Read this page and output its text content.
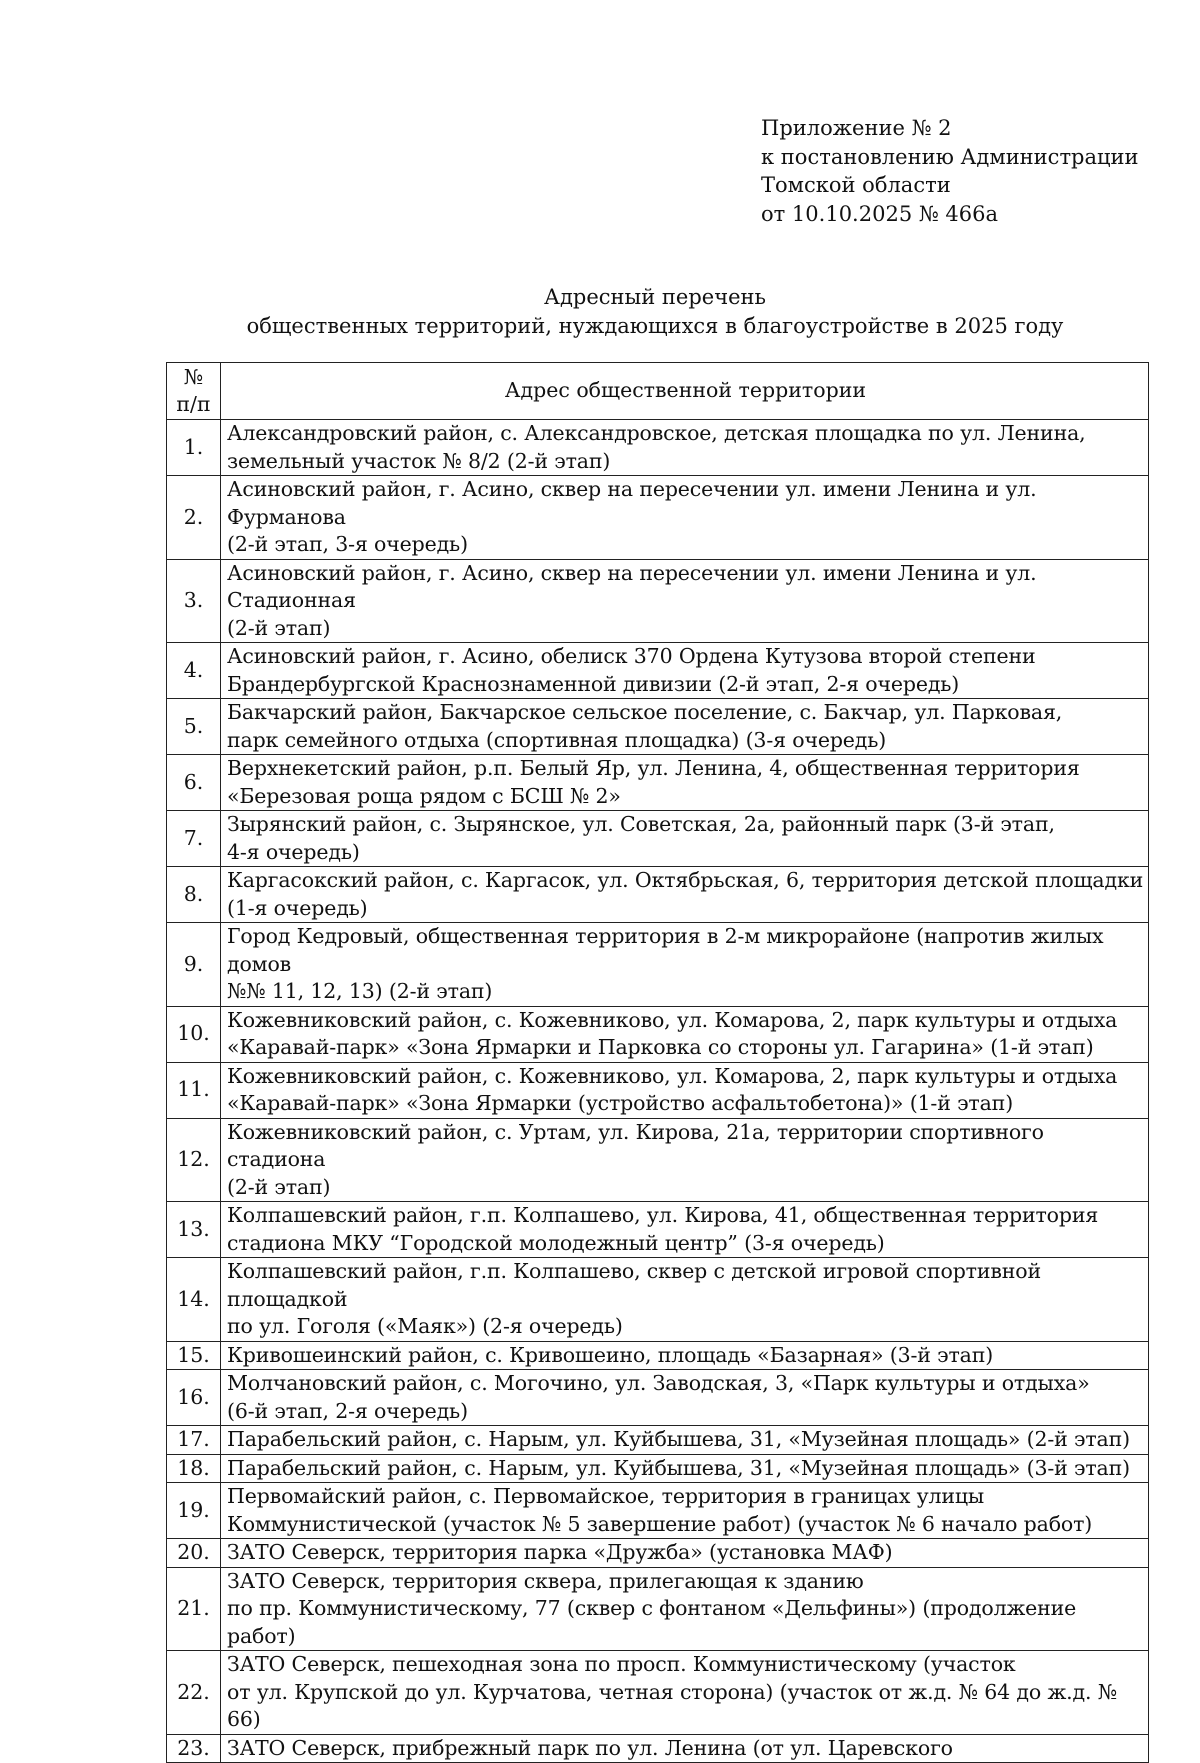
Приложение № 2
к постановлению Администрации
Томской области
от 10.10.2025 № 466а
Адресный перечень
общественных территорий, нуждающихся в благоустройстве в 2025 году
№
п/п	Адрес общественной территории
1.	Александровский район, с. Александровское, детская площадка по ул. Ленина,
земельный участок № 8/2 (2-й этап)
2.	Асиновский район, г. Асино, сквер на пересечении ул. имени Ленина и ул. Фурманова
(2-й этап, 3-я очередь)
3.	Асиновский район, г. Асино, сквер на пересечении ул. имени Ленина и ул. Стадионная
(2-й этап)
4.	Асиновский район, г. Асино, обелиск 370 Ордена Кутузова второй степени
Брандербургской Краснознаменной дивизии (2-й этап, 2-я очередь)
5.	Бакчарский район, Бакчарское сельское поселение, с. Бакчар, ул. Парковая,
парк семейного отдыха (спортивная площадка) (3-я очередь)
6.	Верхнекетский район, р.п. Белый Яр, ул. Ленина, 4, общественная территория
«Березовая роща рядом с БСШ № 2»
7.	Зырянский район, с. Зырянское, ул. Советская, 2а, районный парк (3-й этап,
4-я очередь)
8.	Каргасокский район, с. Каргасок, ул. Октябрьская, 6, территория детской площадки
(1-я очередь)
9.	Город Кедровый, общественная территория в 2-м микрорайоне (напротив жилых домов
№№ 11, 12, 13) (2-й этап)
10.	Кожевниковский район, с. Кожевниково, ул. Комарова, 2, парк культуры и отдыха
«Каравай-парк» «Зона Ярмарки и Парковка со стороны ул. Гагарина» (1-й этап)
11.	Кожевниковский район, с. Кожевниково, ул. Комарова, 2, парк культуры и отдыха
«Каравай-парк» «Зона Ярмарки (устройство асфальтобетона)» (1-й этап)
12.	Кожевниковский район, с. Уртам, ул. Кирова, 21а, территории спортивного стадиона
(2-й этап)
13.	Колпашевский район, г.п. Колпашево, ул. Кирова, 41, общественная территория
стадиона МКУ “Городской молодежный центр” (3-я очередь)
14.	Колпашевский район, г.п. Колпашево, сквер с детской игровой спортивной площадкой
по ул. Гоголя («Маяк») (2-я очередь)
15.	Кривошеинский район, с. Кривошеино, площадь «Базарная» (3-й этап)
16.	Молчановский район, с. Могочино, ул. Заводская, 3, «Парк культуры и отдыха»
(6-й этап, 2-я очередь)
17.	Парабельский район, с. Нарым, ул. Куйбышева, 31, «Музейная площадь» (2-й этап)
18.	Парабельский район, с. Нарым, ул. Куйбышева, 31, «Музейная площадь» (3-й этап)
19.	Первомайский район, с. Первомайское, территория в границах улицы
Коммунистической (участок № 5 завершение работ) (участок № 6 начало работ)
20.	ЗАТО Северск, территория парка «Дружба» (установка МАФ)
21.	ЗАТО Северск, территория сквера, прилегающая к зданию
по пр. Коммунистическому, 77 (сквер с фонтаном «Дельфины») (продолжение работ)
22.	ЗАТО Северск, пешеходная зона по просп. Коммунистическому (участок
от ул. Крупской до ул. Курчатова, четная сторона) (участок от ж.д. № 64 до ж.д. № 66)
23.	ЗАТО Северск, прибрежный парк по ул. Ленина (от ул. Царевского
